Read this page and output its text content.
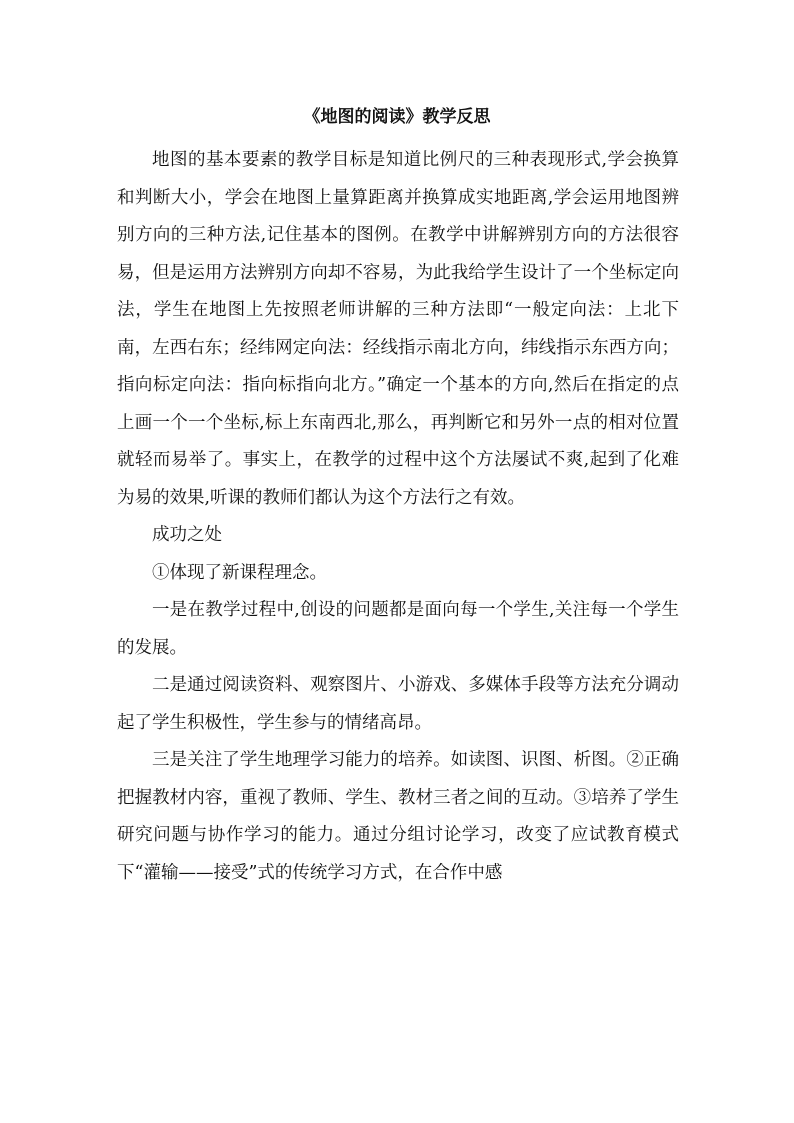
《地图的阅读》教学反思

地图的基本要素的教学目标是知道比例尺的三种表现形式,学会换算和判断大小，学会在地图上量算距离并换算成实地距离,学会运用地图辨别方向的三种方法,记住基本的图例。在教学中讲解辨别方向的方法很容易，但是运用方法辨别方向却不容易，为此我给学生设计了一个坐标定向法，学生在地图上先按照老师讲解的三种方法即“一般定向法：上北下南，左西右东；经纬网定向法：经线指示南北方向，纬线指示东西方向；指向标定向法：指向标指向北方。”确定一个基本的方向,然后在指定的点上画一个一个坐标,标上东南西北,那么，再判断它和另外一点的相对位置就轻而易举了。事实上，在教学的过程中这个方法屡试不爽,起到了化难为易的效果,听课的教师们都认为这个方法行之有效。

成功之处

①体现了新课程理念。

一是在教学过程中,创设的问题都是面向每一个学生,关注每一个学生的发展。

二是通过阅读资料、观察图片、小游戏、多媒体手段等方法充分调动起了学生积极性，学生参与的情绪高昂。

三是关注了学生地理学习能力的培养。如读图、识图、析图。②正确把握教材内容，重视了教师、学生、教材三者之间的互动。③培养了学生研究问题与协作学习的能力。通过分组讨论学习，改变了应试教育模式下“灌输——接受”式的传统学习方式，在合作中感
